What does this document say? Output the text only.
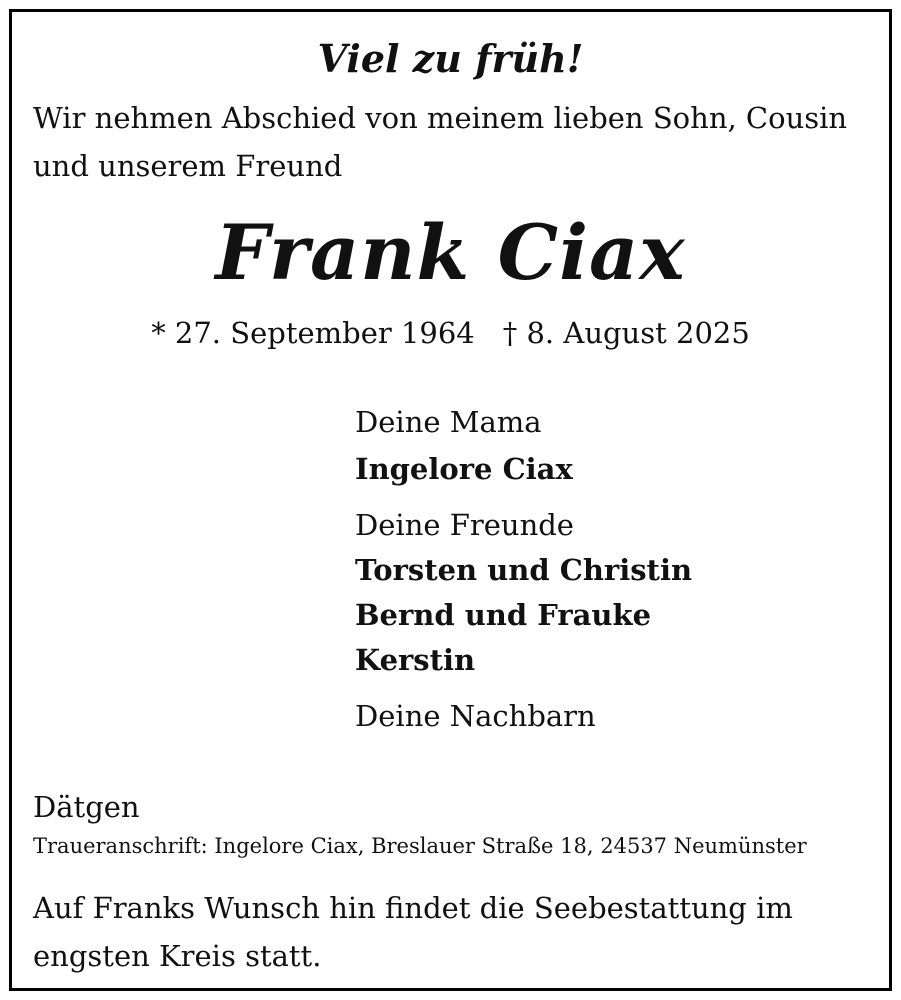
Viel zu früh!
Wir nehmen Abschied von meinem lieben Sohn, Cousin und unserem Freund
Frank Ciax
* 27. September 1964 † 8. August 2025
Deine Mama
Ingelore Ciax
Deine Freunde
Torsten und Christin
Bernd und Frauke
Kerstin
Deine Nachbarn
Dätgen
Traueranschrift: Ingelore Ciax, Breslauer Straße 18, 24537 Neumünster
Auf Franks Wunsch hin findet die Seebestattung im engsten Kreis statt.
